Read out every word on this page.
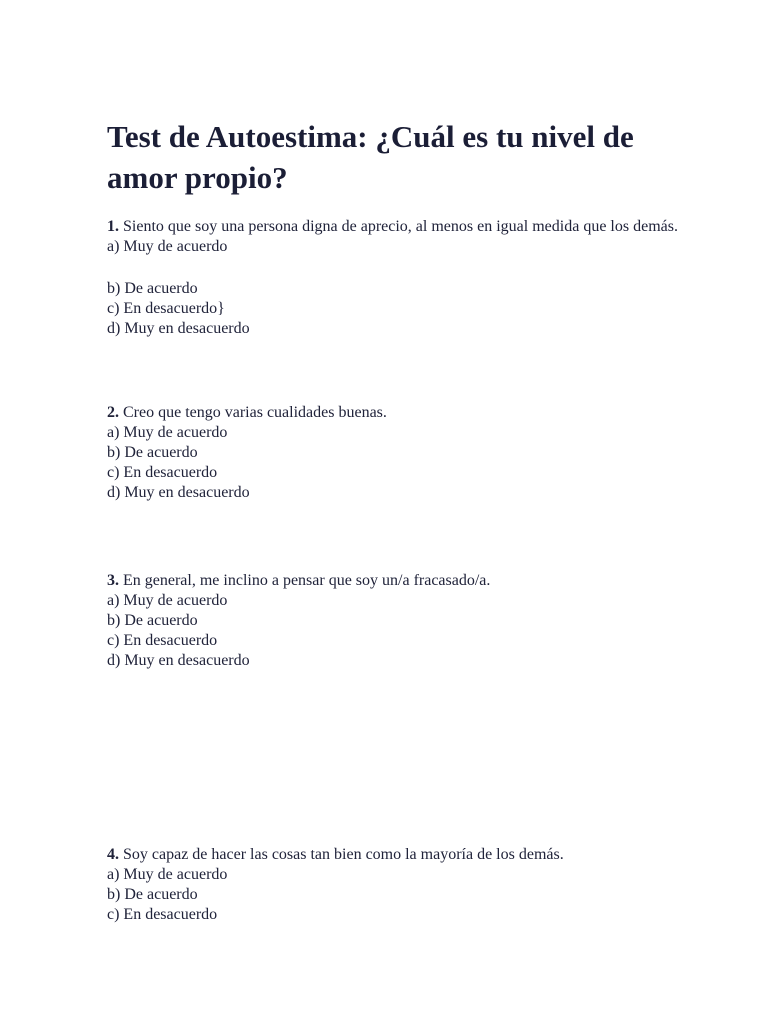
Test de Autoestima: ¿Cuál es tu nivel de amor propio?
1. Siento que soy una persona digna de aprecio, al menos en igual medida que los demás.
a) Muy de acuerdo
b) De acuerdo
c) En desacuerdo}
d) Muy en desacuerdo
2. Creo que tengo varias cualidades buenas.
a) Muy de acuerdo
b) De acuerdo
c) En desacuerdo
d) Muy en desacuerdo
3. En general, me inclino a pensar que soy un/a fracasado/a.
a) Muy de acuerdo
b) De acuerdo
c) En desacuerdo
d) Muy en desacuerdo
4. Soy capaz de hacer las cosas tan bien como la mayoría de los demás.
a) Muy de acuerdo
b) De acuerdo
c) En desacuerdo
